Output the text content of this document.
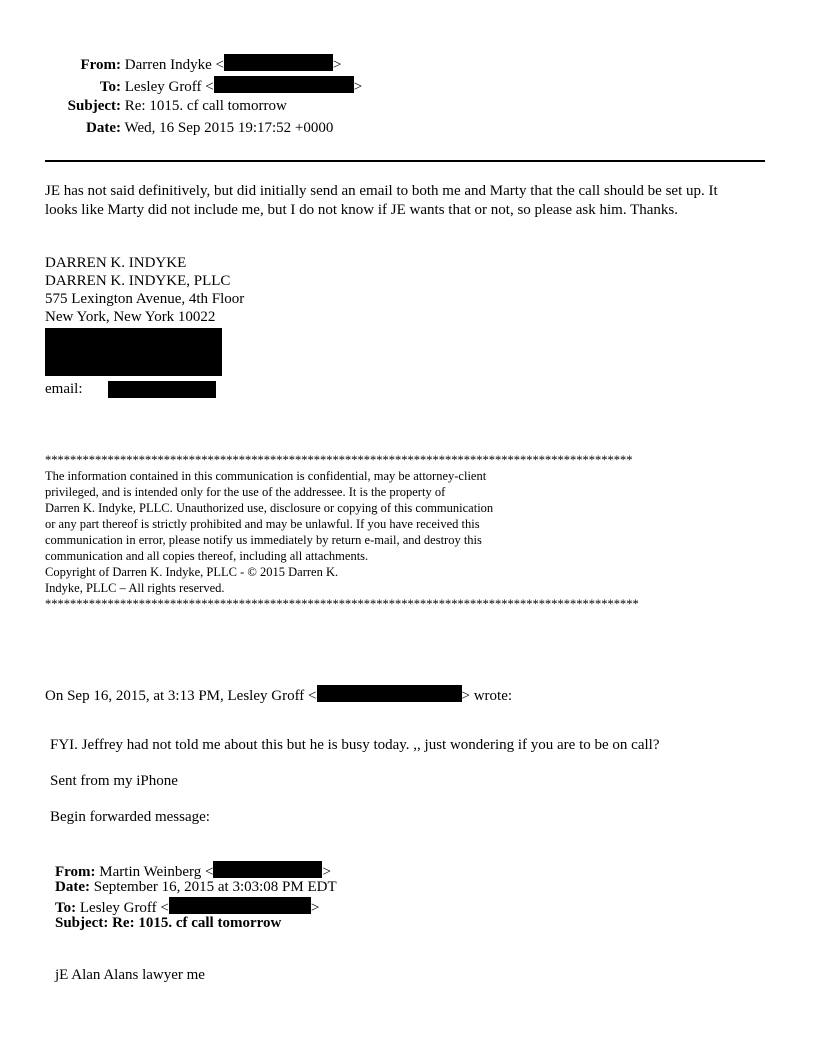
From: Darren Indyke <	>
To: Lesley Groff <	>
Subject: Re: 1015. cf call tomorrow
Date: Wed, 16 Sep 2015 19:17:52 +0000
JE has not said definitively, but did initially send an email to both me and Marty that the call should be set up. It
looks like Marty did not include me, but I do not know if JE wants that or not, so please ask him. Thanks.
DARREN K. INDYKE
DARREN K. INDYKE, PLLC
575 Lexington Avenue, 4th Floor
New York, New York 10022
email:
**********************************************************************************************
The information contained in this communication is confidential, may be attorney-client
privileged, and is intended only for the use of the addressee. It is the property of
Darren K. Indyke, PLLC. Unauthorized use, disclosure or copying of this communication
or any part thereof is strictly prohibited and may be unlawful. If you have received this
communication in error, please notify us immediately by return e-mail, and destroy this
communication and all copies thereof, including all attachments.
Copyright of Darren K. Indyke, PLLC - © 2015 Darren K.
Indyke, PLLC – All rights reserved.
***********************************************************************************************
On Sep 16, 2015, at 3:13 PM, Lesley Groff <	> wrote:
FYI. Jeffrey had not told me about this but he is busy today. ,, just wondering if you are to be on call?
Sent from my iPhone
Begin forwarded message:
From: Martin Weinberg <	>
Date: September 16, 2015 at 3:03:08 PM EDT
To: Lesley Groff <	>
Subject: Re: 1015. cf call tomorrow
jE Alan Alans lawyer me
